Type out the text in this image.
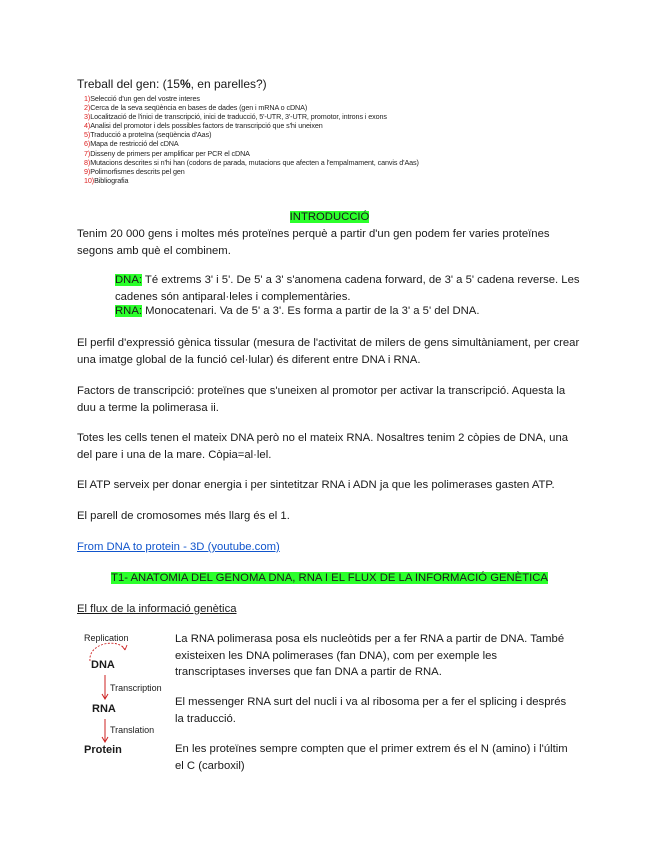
Treball del gen: (15%, en parelles?)
1)Selecció d'un gen del vostre interes
2)Cerca de la seva seqüència en bases de dades (gen i mRNA o cDNA)
3)Localització de l'inici de transcripció, inici de traducció, 5'-UTR, 3'-UTR, promotor, introns i exons
4)Analisi del promotor i dels possibles factors de transcripció que s'hi uneixen
5)Traducció a proteïna (seqüència d'Aas)
6)Mapa de restricció del cDNA
7)Disseny de primers per amplificar per PCR el cDNA
8)Mutacions descrites si n'hi han (codons de parada, mutacions que afecten a l'empalmament, canvis d'Aas)
9)Polimorfismes descrits pel gen
10)Bibliografia
INTRODUCCIÓ
Tenim 20 000 gens i moltes més proteïnes perquè a partir d'un gen podem fer varies proteïnes segons amb què el combinem.
DNA: Té extrems 3' i 5'. De 5' a 3' s'anomena cadena forward, de 3' a 5' cadena reverse. Les cadenes són antiparal·leles i complementàries.
RNA: Monocatenari. Va de 5' a 3'. Es forma a partir de la 3' a 5' del DNA.
El perfil d'expressió gènica tissular (mesura de l'activitat de milers de gens simultàniament, per crear una imatge global de la funció cel·lular) és diferent entre DNA i RNA.
Factors de transcripció: proteïnes que s'uneixen al promotor per activar la transcripció. Aquesta la duu a terme la polimerasa ii.
Totes les cells tenen el mateix DNA però no el mateix RNA. Nosaltres tenim 2 còpies de DNA, una del pare i una de la mare. Còpia=al·lel.
El ATP serveix per donar energia i per sintetitzar RNA i ADN ja que les polimerases gasten ATP.
El parell de cromosomes més llarg és el 1.
From DNA to protein - 3D (youtube.com)
T1- ANATOMIA DEL GENOMA DNA, RNA I EL FLUX DE LA INFORMACIÓ GENÈTICA
El flux de la informació genètica
Replication
DNA
Transcription
RNA
Translation
Protein
La RNA polimerasa posa els nucleòtids per a fer RNA a partir de DNA. També existeixen les DNA polimerases (fan DNA), com per exemple les transcriptases inverses que fan DNA a partir de RNA.
El messenger RNA surt del nucli i va al ribosoma per a fer el splicing i després la traducció.
En les proteïnes sempre compten que el primer extrem és el N (amino) i l'últim el C (carboxil)
